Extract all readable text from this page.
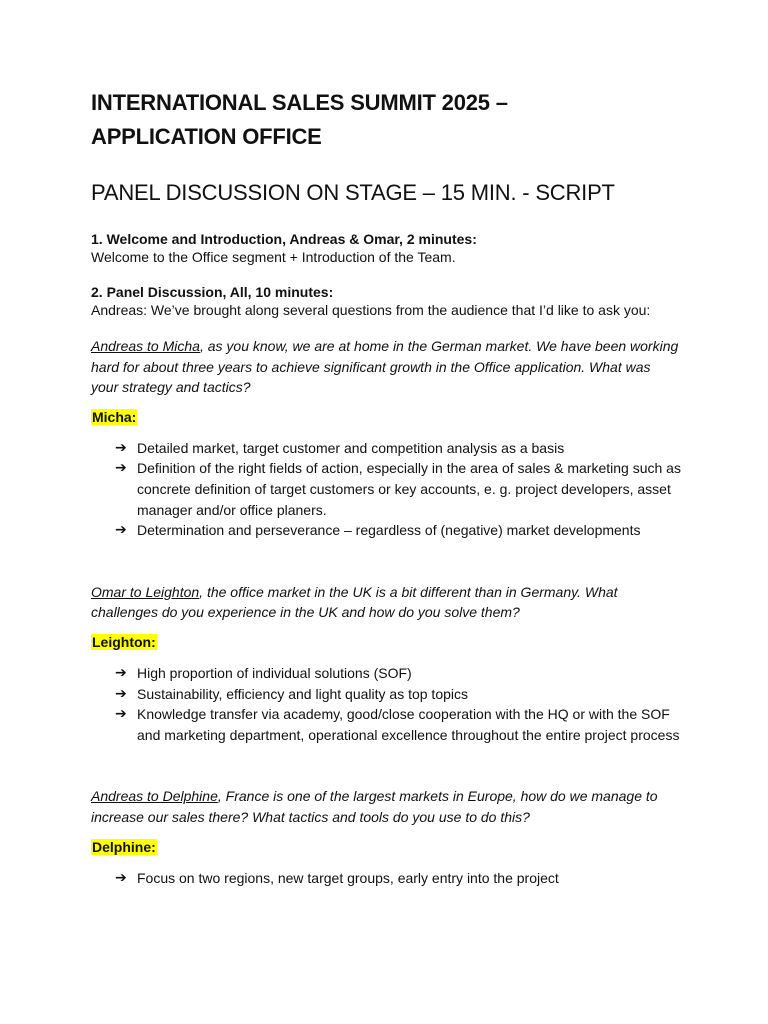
INTERNATIONAL SALES SUMMIT 2025 –
APPLICATION OFFICE
PANEL DISCUSSION ON STAGE – 15 MIN. - SCRIPT
1. Welcome and Introduction, Andreas & Omar, 2 minutes:
Welcome to the Office segment + Introduction of the Team.
2. Panel Discussion, All, 10 minutes:
Andreas: We’ve brought along several questions from the audience that I’d like to ask you:
Andreas to Micha, as you know, we are at home in the German market. We have been working hard for about three years to achieve significant growth in the Office application. What was your strategy and tactics?
Micha:
➔ Detailed market, target customer and competition analysis as a basis
➔ Definition of the right fields of action, especially in the area of sales & marketing such as concrete definition of target customers or key accounts, e. g. project developers, asset manager and/or office planers.
➔ Determination and perseverance – regardless of (negative) market developments
Omar to Leighton, the office market in the UK is a bit different than in Germany. What challenges do you experience in the UK and how do you solve them?
Leighton:
➔ High proportion of individual solutions (SOF)
➔ Sustainability, efficiency and light quality as top topics
➔ Knowledge transfer via academy, good/close cooperation with the HQ or with the SOF and marketing department, operational excellence throughout the entire project process
Andreas to Delphine, France is one of the largest markets in Europe, how do we manage to increase our sales there? What tactics and tools do you use to do this?
Delphine:
➔ Focus on two regions, new target groups, early entry into the project
